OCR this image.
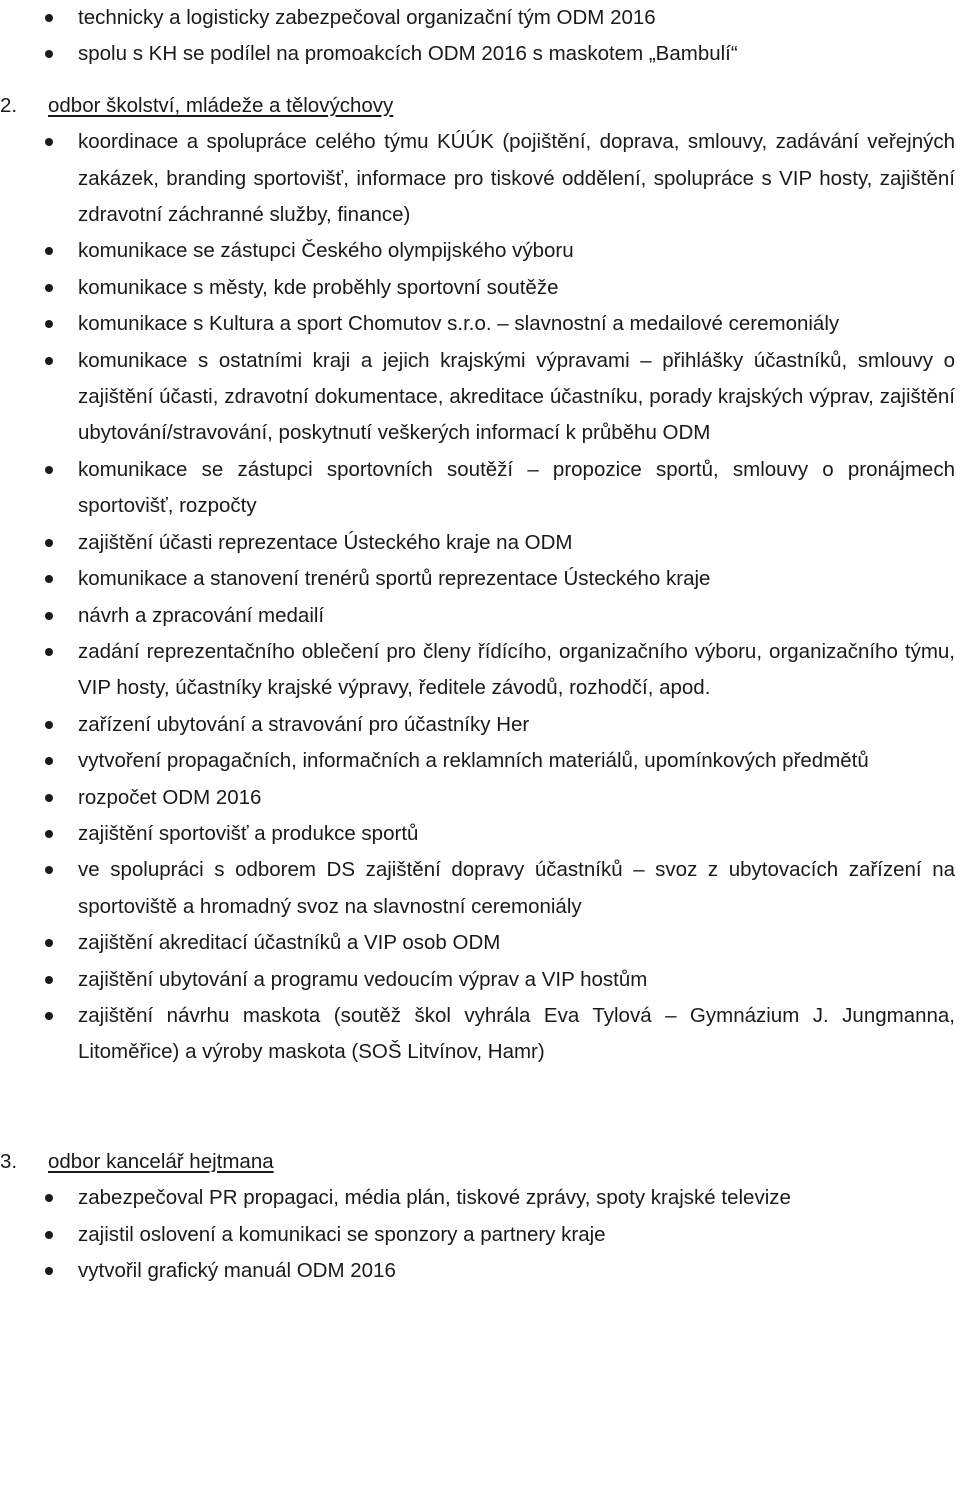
technicky a logisticky zabezpečoval organizační tým ODM 2016
spolu s KH se podílel na promoakcích ODM 2016 s maskotem „Bambulí“
2. odbor školství, mládeže a tělovýchovy
koordinace a spolupráce celého týmu KÚÚK (pojištění, doprava, smlouvy, zadávání veřejných zakázek, branding sportovišť, informace pro tiskové oddělení, spolupráce s VIP hosty, zajištění zdravotní záchranné služby, finance)
komunikace se zástupci Českého olympijského výboru
komunikace s městy, kde proběhly sportovní soutěže
komunikace s Kultura a sport Chomutov s.r.o. – slavnostní a medailové ceremoniály
komunikace s ostatními kraji a jejich krajskými výpravami – přihlášky účastníků, smlouvy o zajištění účasti, zdravotní dokumentace, akreditace účastníku, porady krajských výprav, zajištění ubytování/stravování, poskytnutí veškerých informací k průběhu ODM
komunikace se zástupci sportovních soutěží – propozice sportů, smlouvy o pronájmech sportovišť, rozpočty
zajištění účasti reprezentace Ústeckého kraje na ODM
komunikace a stanovení trenérů sportů reprezentace Ústeckého kraje
návrh a zpracování medailí
zadání reprezentačního oblečení pro členy řídícího, organizačního výboru, organizačního týmu, VIP hosty, účastníky krajské výpravy, ředitele závodů, rozhodčí, apod.
zařízení ubytování a stravování pro účastníky Her
vytvoření propagačních, informačních a reklamních materiálů, upomínkových předmětů
rozpočet ODM 2016
zajištění sportovišť a produkce sportů
ve spolupráci s odborem DS zajištění dopravy účastníků – svoz z ubytovacích zařízení na sportoviště a hromadný svoz na slavnostní ceremoniály
zajištění akreditací účastníků a VIP osob ODM
zajištění ubytování a programu vedoucím výprav a VIP hostům
zajištění návrhu maskota (soutěž škol vyhrála Eva Tylová – Gymnázium J. Jungmanna, Litoměřice) a výroby maskota (SOŠ Litvínov, Hamr)
3. odbor kancelář hejtmana
zabezpečoval PR propagaci, média plán, tiskové zprávy, spoty krajské televize
zajistil oslovení a komunikaci se sponzory a partnery kraje
vytvořil grafický manuál ODM 2016
